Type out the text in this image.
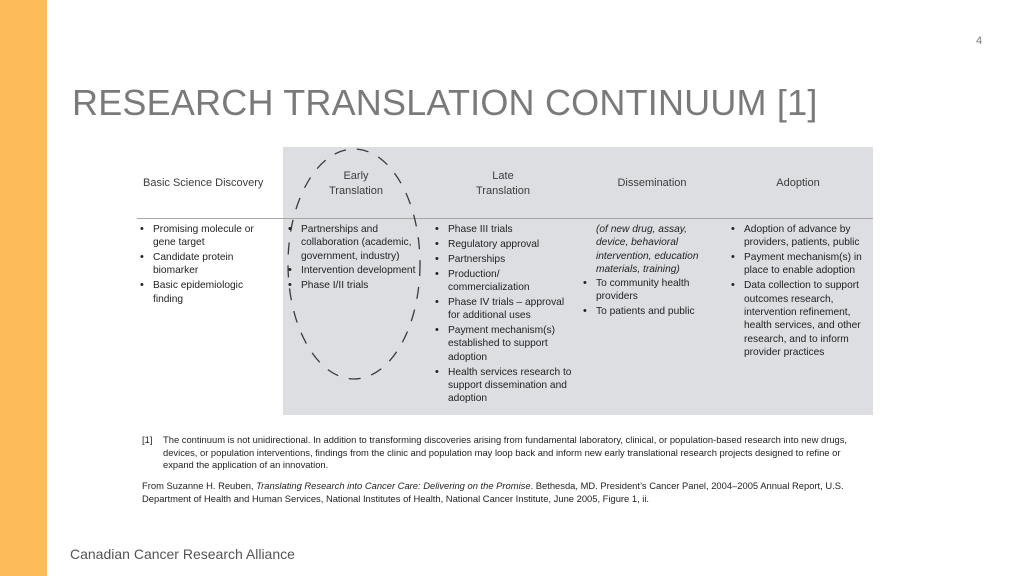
4
RESEARCH TRANSLATION CONTINUUM [1]
Basic Science Discovery
Early Translation
Late Translation
Dissemination	Adoption
• Promising molecule or gene target
• Candidate protein biomarker
• Basic epidemiologic finding
• Partnerships and collaboration (academic, government, industry)
• Intervention development
• Phase I/II trials
• Phase III trials
• Regulatory approval
• Partnerships
• Production/ commercialization
• Phase IV trials – approval for additional uses
• Payment mechanism(s) established to support adoption
• Health services research to support dissemination and adoption
(of new drug, assay, device, behavioral intervention, education materials, training)
• To community health providers
• To patients and public
• Adoption of advance by providers, patients, public
• Payment mechanism(s) in place to enable adoption
• Data collection to support outcomes research, intervention refinement, health services, and other research, and to inform provider practices
[1] The continuum is not unidirectional. In addition to transforming discoveries arising from fundamental laboratory, clinical, or population-based research into new drugs, devices, or population interventions, findings from the clinic and population may loop back and inform new early translational research projects designed to refine or expand the application of an innovation.
From Suzanne H. Reuben, Translating Research into Cancer Care: Delivering on the Promise. Bethesda, MD. President’s Cancer Panel, 2004–2005 Annual Report, U.S. Department of Health and Human Services, National Institutes of Health, National Cancer Institute, June 2005, Figure 1, ii.
Canadian Cancer Research Alliance
